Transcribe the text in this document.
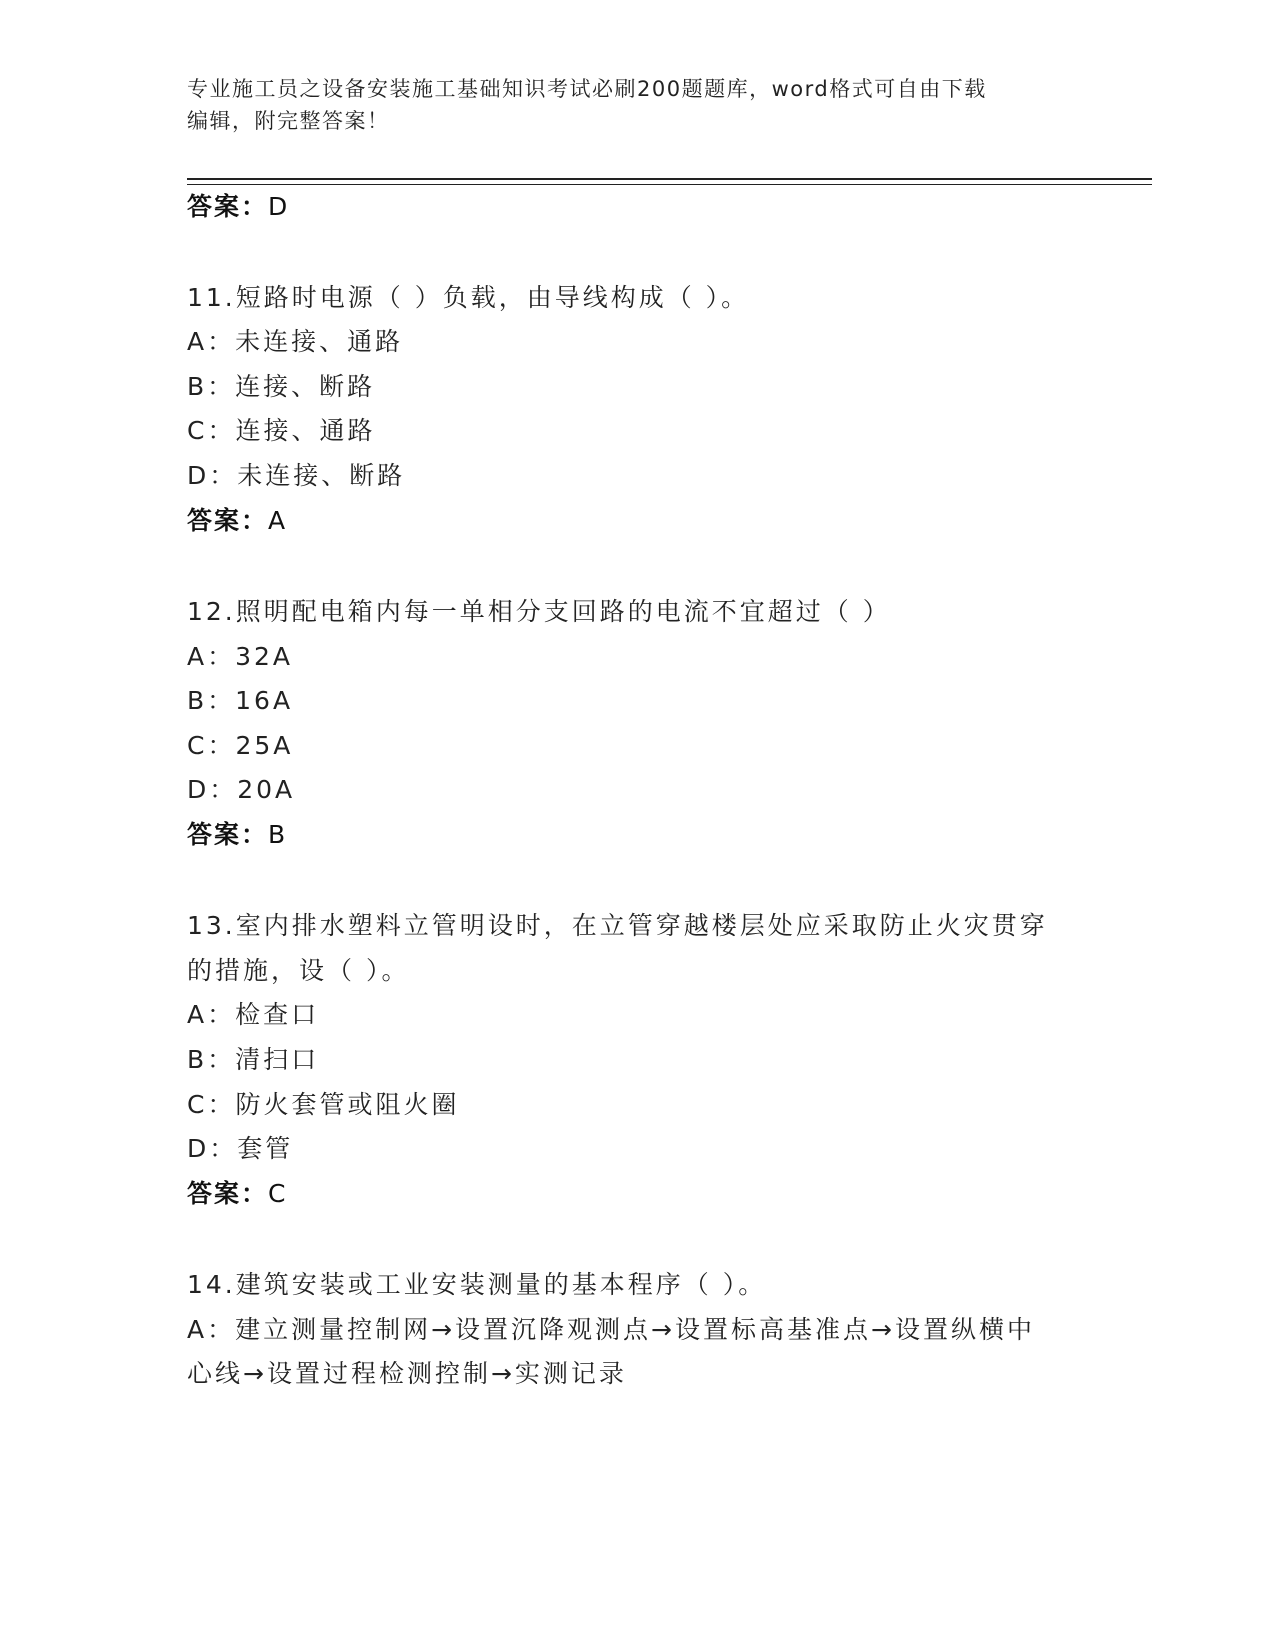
专业施工员之设备安装施工基础知识考试必刷200题题库，word格式可自由下载
编辑，附完整答案！
答案：D
11.短路时电源（ ）负载，由导线构成（ ）。
A：未连接、通路
B：连接、断路
C：连接、通路
D：未连接、断路
答案：A
12.照明配电箱内每一单相分支回路的电流不宜超过（ ）
A：32A
B：16A
C：25A
D：20A
答案：B
13.室内排水塑料立管明设时，在立管穿越楼层处应采取防止火灾贯穿
的措施，设（ ）。
A：检查口
B：清扫口
C：防火套管或阻火圈
D：套管
答案：C
14.建筑安装或工业安装测量的基本程序（ ）。
A：建立测量控制网→设置沉降观测点→设置标高基准点→设置纵横中
心线→设置过程检测控制→实测记录
